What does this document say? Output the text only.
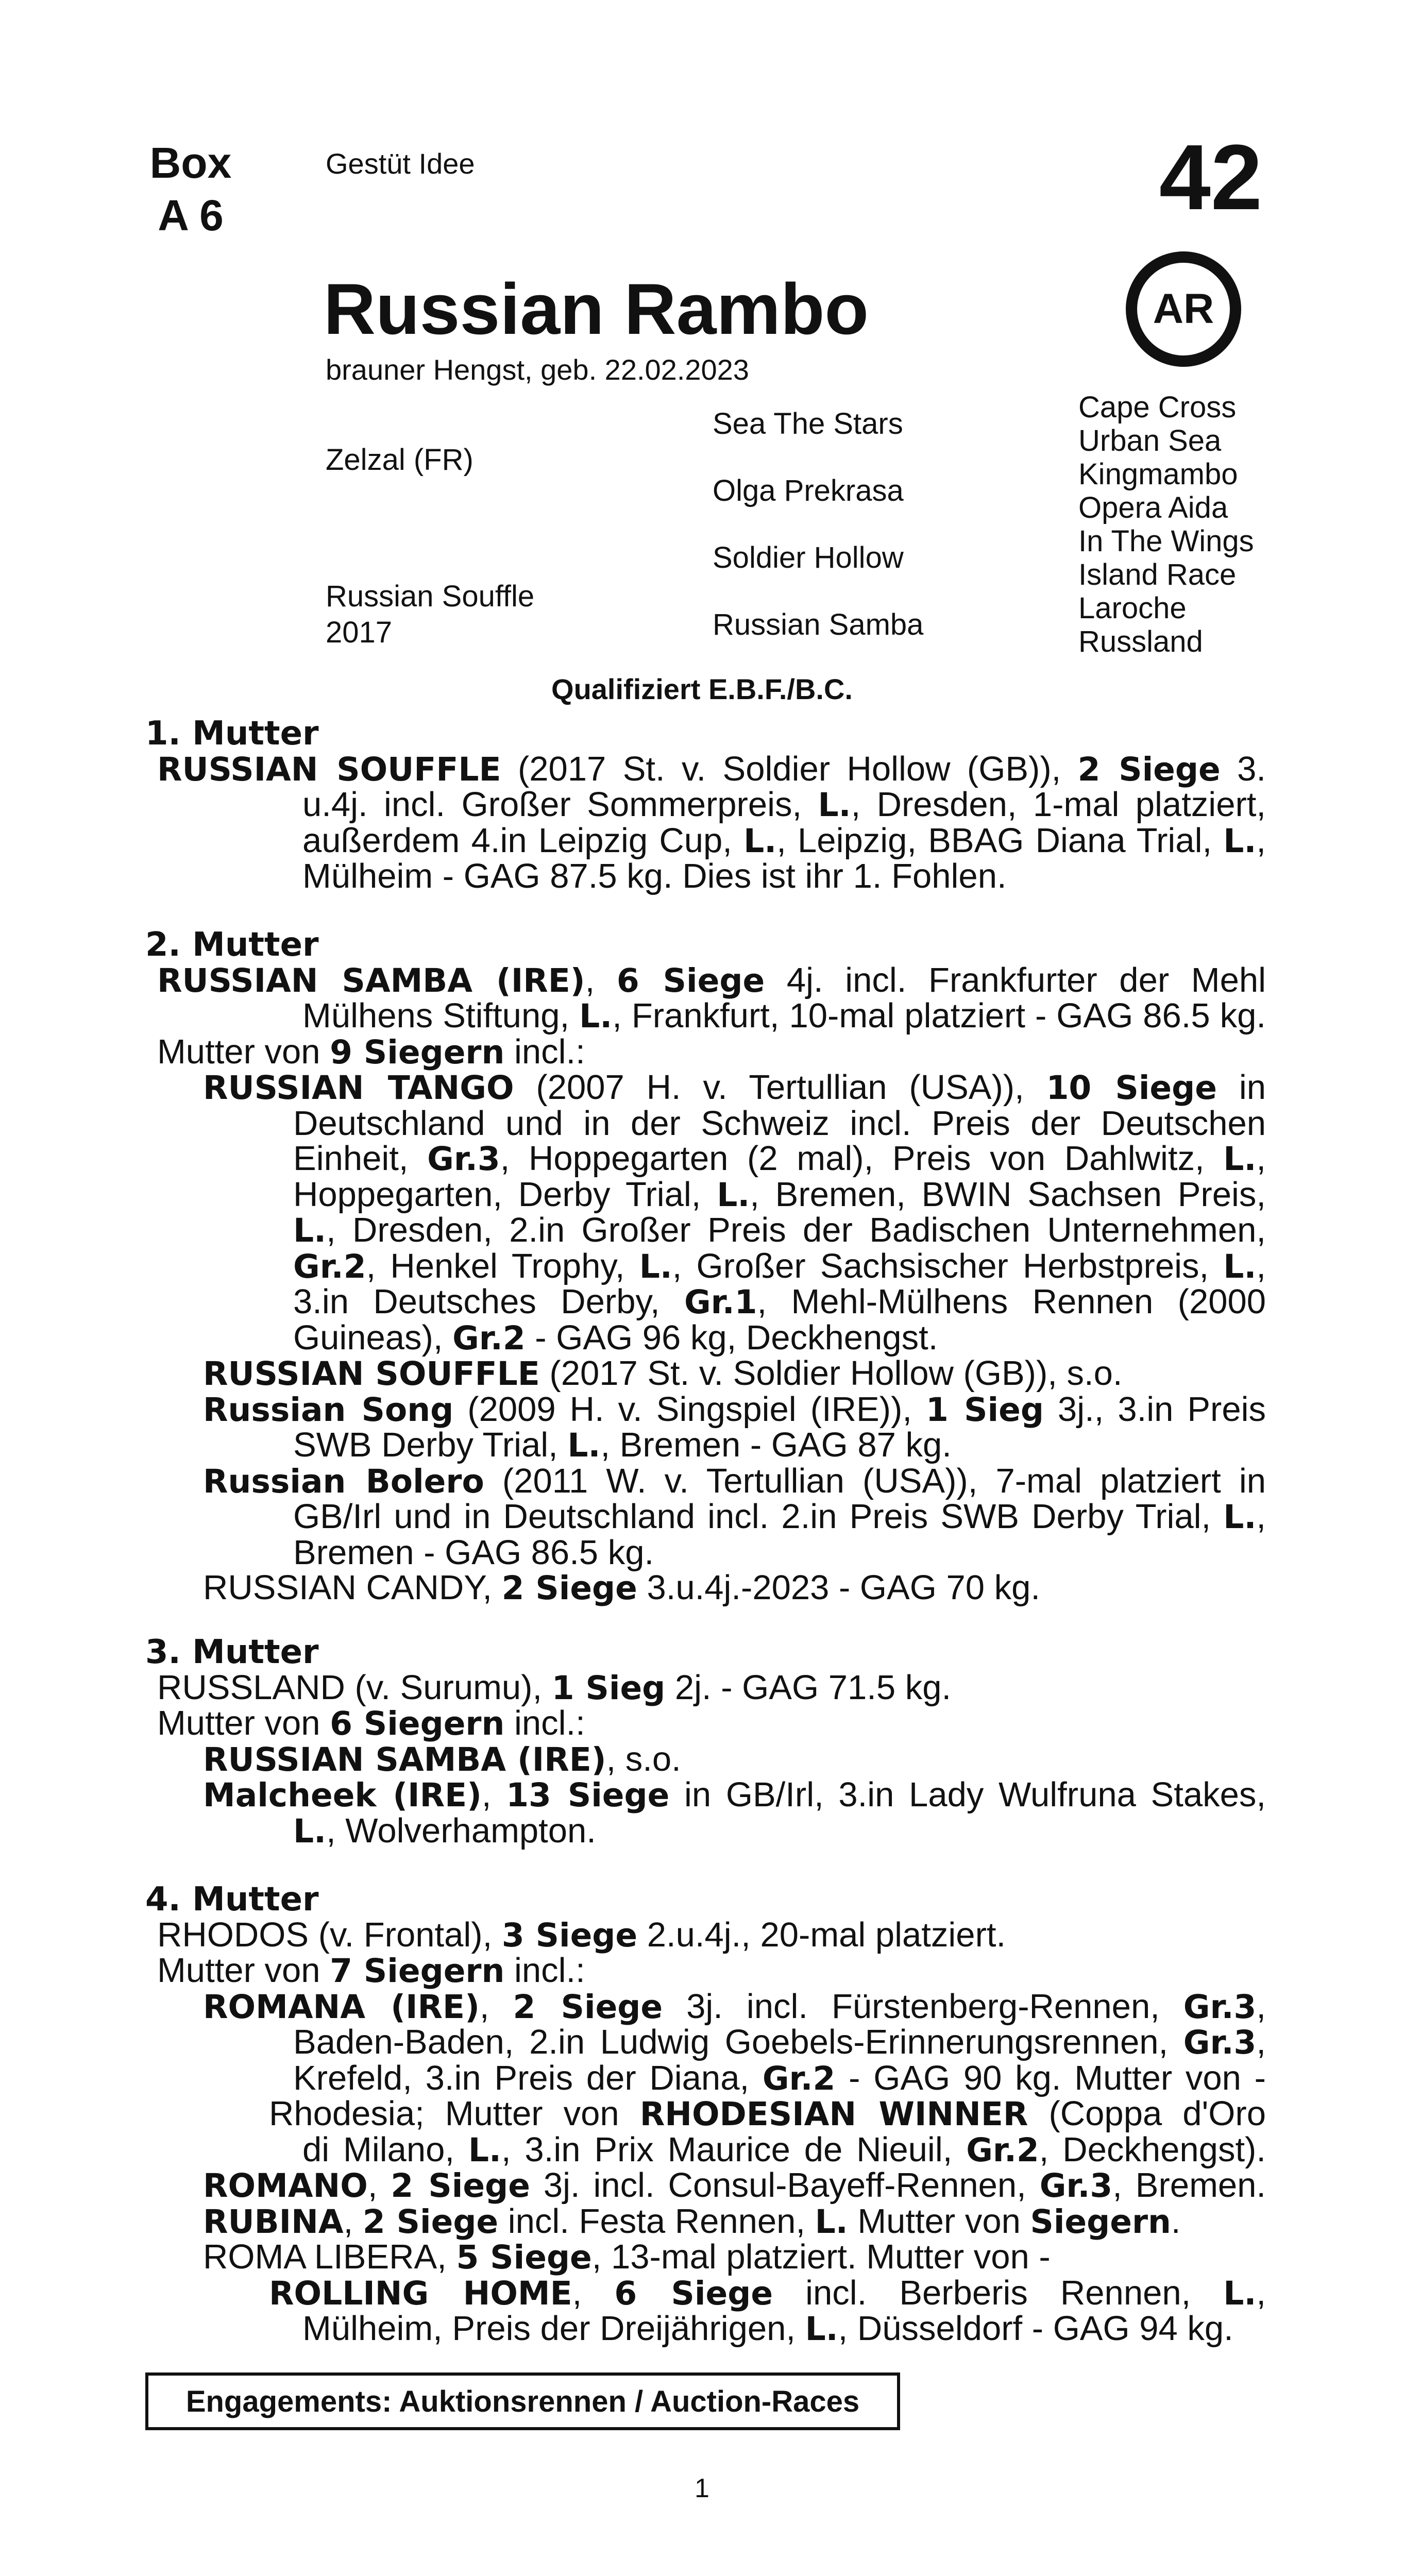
Box
A 6
Gestüt Idee	42
AR
Russian Rambo
brauner Hengst, geb. 22.02.2023
Zelzal (FR)
Russian Souffle
2017
Sea The Stars
Olga Prekrasa
Soldier Hollow
Russian Samba
Cape Cross
Urban Sea
Kingmambo
Opera Aida
In The Wings
Island Race
Laroche
Russland
Qualifiziert E.B.F./B.C.
1. Mutter
RUSSIAN SOUFFLE (2017 St. v. Soldier Hollow (GB)), 2 Siege 3.
u.4j. incl. Großer Sommerpreis, L., Dresden, 1-mal platziert,
außerdem 4.in Leipzig Cup, L., Leipzig, BBAG Diana Trial, L.,
Mülheim - GAG 87.5 kg. Dies ist ihr 1. Fohlen.
2. Mutter
RUSSIAN SAMBA (IRE), 6 Siege 4j. incl. Frankfurter der Mehl
Mülhens Stiftung, L., Frankfurt, 10-mal platziert - GAG 86.5 kg.
Mutter von 9 Siegern incl.:
RUSSIAN TANGO (2007 H. v. Tertullian (USA)), 10 Siege in
Deutschland und in der Schweiz incl. Preis der Deutschen
Einheit, Gr.3, Hoppegarten (2 mal), Preis von Dahlwitz, L.,
Hoppegarten, Derby Trial, L., Bremen, BWIN Sachsen Preis,
L., Dresden, 2.in Großer Preis der Badischen Unternehmen,
Gr.2, Henkel Trophy, L., Großer Sachsischer Herbstpreis, L.,
3.in Deutsches Derby, Gr.1, Mehl-Mülhens Rennen (2000
Guineas), Gr.2 - GAG 96 kg, Deckhengst.
RUSSIAN SOUFFLE (2017 St. v. Soldier Hollow (GB)), s.o.
Russian Song (2009 H. v. Singspiel (IRE)), 1 Sieg 3j., 3.in Preis
SWB Derby Trial, L., Bremen - GAG 87 kg.
Russian Bolero (2011 W. v. Tertullian (USA)), 7-mal platziert in
GB/Irl und in Deutschland incl. 2.in Preis SWB Derby Trial, L.,
Bremen - GAG 86.5 kg.
RUSSIAN CANDY, 2 Siege 3.u.4j.-2023 - GAG 70 kg.
3. Mutter
RUSSLAND (v. Surumu), 1 Sieg 2j. - GAG 71.5 kg.
Mutter von 6 Siegern incl.:
RUSSIAN SAMBA (IRE), s.o.
Malcheek (IRE), 13 Siege in GB/Irl, 3.in Lady Wulfruna Stakes,
L., Wolverhampton.
4. Mutter
RHODOS (v. Frontal), 3 Siege 2.u.4j., 20-mal platziert.
Mutter von 7 Siegern incl.:
ROMANA (IRE), 2 Siege 3j. incl. Fürstenberg-Rennen, Gr.3,
Baden-Baden, 2.in Ludwig Goebels-Erinnerungsrennen, Gr.3,
Krefeld, 3.in Preis der Diana, Gr.2 - GAG 90 kg. Mutter von -
Rhodesia; Mutter von RHODESIAN WINNER (Coppa d'Oro
di Milano, L., 3.in Prix Maurice de Nieuil, Gr.2, Deckhengst).
ROMANO, 2 Siege 3j. incl. Consul-Bayeff-Rennen, Gr.3, Bremen.
RUBINA, 2 Siege incl. Festa Rennen, L. Mutter von Siegern.
ROMA LIBERA, 5 Siege, 13-mal platziert. Mutter von -
ROLLING HOME, 6 Siege incl. Berberis Rennen, L.,
Mülheim, Preis der Dreijährigen, L., Düsseldorf - GAG 94 kg.
Engagements: Auktionsrennen / Auction-Races
1
